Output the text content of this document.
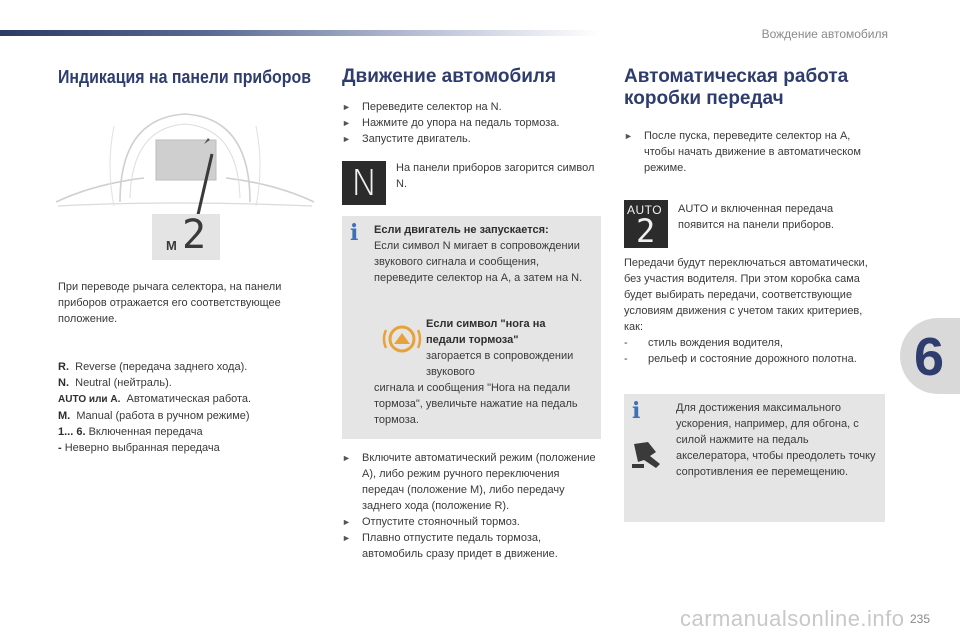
Вождение автомобиля
6
Индикация на панели приборов
M 2
При переводе рычага селектора, на панели приборов отражается его соответствующее положение.
R. Reverse (передача заднего хода).
N. Neutral (нейтраль).
AUTO или A. Автоматическая работа.
M. Manual (работа в ручном режиме)
1... 6. Включенная передача
- Неверно выбранная передача
Движение автомобиля
►	Переведите селектор на N.
►	Нажмите до упора на педаль тормоза.
►	Запустите двигатель.
N На панели приборов загорится символ N.
i Если двигатель не запускается:
Если символ N мигает в сопровождении звукового сигнала и сообщения, переведите селектор на A, а затем на N.
Если символ "нога на педали тормоза"
загорается в сопровождении звукового
сигнала и сообщения "Нога на педали тормоза", увеличьте нажатие на педаль тормоза.
►	Включите автоматический режим (положение A), либо режим ручного переключения передач (положение M), либо передачу заднего хода (положение R).
►	Отпустите стояночный тормоз.
►	Плавно отпустите педаль тормоза, автомобиль сразу придет в движение.
Автоматическая работа коробки передач
►	После пуска, переведите селектор на A, чтобы начать движение в автоматическом режиме.
AUTO
2
AUTO и включенная передача появится на панели приборов.
Передачи будут переключаться автоматически, без участия водителя. При этом коробка сама будет выбирать передачи, соответствующие условиям движения с учетом таких критериев, как:
- стиль вождения водителя,
- рельеф и состояние дорожного полотна.
i	Для достижения максимального ускорения, например, для обгона, с силой нажмите на педаль акселератора, чтобы преодолеть точку сопротивления ее перемещению.
carmanualsonline.info 235
